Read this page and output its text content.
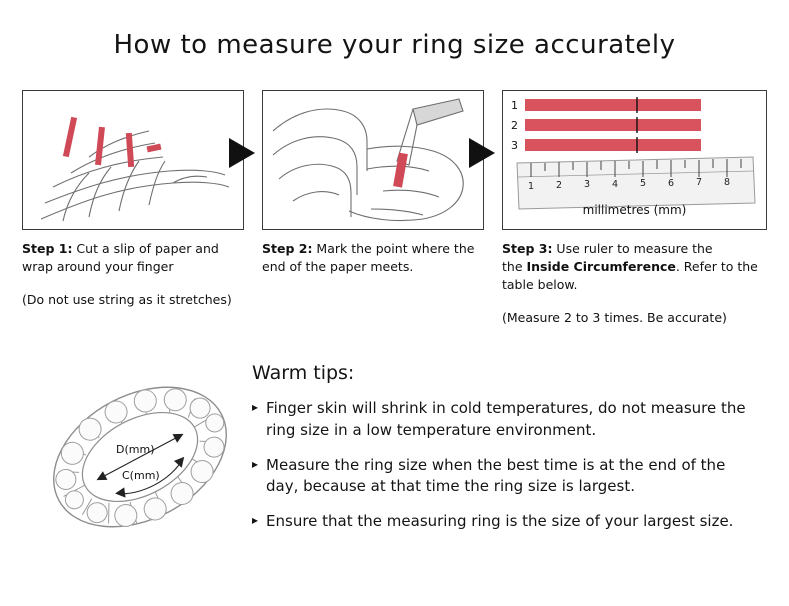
How to measure your ring size accurately
Step 1: Cut a slip of paper and wrap around your finger
(Do not use string as it stretches)
Step 2: Mark the point where the end of the paper meets.
1
2
3
1 2 3 4 5 6 7 8
millimetres (mm)
Step 3: Use ruler to measure the
the Inside Circumference. Refer to the table below.
(Measure 2 to 3 times. Be accurate)
D(mm)
C(mm)
Warm tips:
▸ Finger skin will shrink in cold temperatures, do not measure the ring size in a low temperature environment.
▸ Measure the ring size when the best time is at the end of the day, because at that time the ring size is largest.
▸ Ensure that the measuring ring is the size of your largest size.
